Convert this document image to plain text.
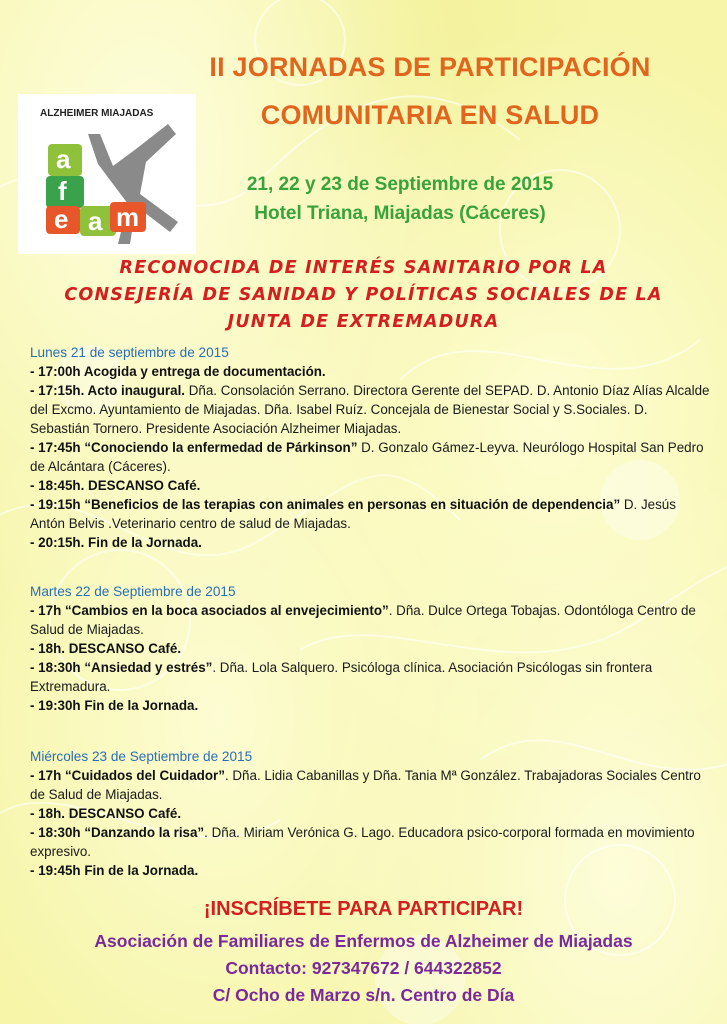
ALZHEIMER MIAJADAS
a
f
e a m
II JORNADAS DE PARTICIPACIÓN
COMUNITARIA EN SALUD
21, 22 y 23 de Septiembre de 2015
Hotel Triana, Miajadas (Cáceres)
RECONOCIDA DE INTERÉS SANITARIO POR LA
CONSEJERÍA DE SANIDAD Y POLÍTICAS SOCIALES DE LA
JUNTA DE EXTREMADURA
Lunes 21 de septiembre de 2015
- 17:00h Acogida y entrega de documentación.
- 17:15h. Acto inaugural. Dña. Consolación Serrano. Directora Gerente del SEPAD. D. Antonio Díaz Alías Alcalde del Excmo. Ayuntamiento de Miajadas. Dña. Isabel Ruíz. Concejala de Bienestar Social y S.Sociales. D. Sebastián Tornero. Presidente Asociación Alzheimer Miajadas.
- 17:45h “Conociendo la enfermedad de Párkinson” D. Gonzalo Gámez-Leyva. Neurólogo Hospital San Pedro de Alcántara (Cáceres).
- 18:45h. DESCANSO Café.
- 19:15h “Beneficios de las terapias con animales en personas en situación de dependencia” D. Jesús Antón Belvis .Veterinario centro de salud de Miajadas.
- 20:15h. Fin de la Jornada.
Martes 22 de Septiembre de 2015
- 17h “Cambios en la boca asociados al envejecimiento”. Dña. Dulce Ortega Tobajas. Odontóloga Centro de Salud de Miajadas.
- 18h. DESCANSO Café.
- 18:30h “Ansiedad y estrés”. Dña. Lola Salquero. Psicóloga clínica. Asociación Psicólogas sin frontera Extremadura.
- 19:30h Fin de la Jornada.
Miércoles 23 de Septiembre de 2015
- 17h “Cuidados del Cuidador”. Dña. Lidia Cabanillas y Dña. Tania Mª González. Trabajadoras Sociales Centro de Salud de Miajadas.
- 18h. DESCANSO Café.
- 18:30h “Danzando la risa”. Dña. Miriam Verónica G. Lago. Educadora psico-corporal formada en movimiento expresivo.
- 19:45h Fin de la Jornada.
¡INSCRÍBETE PARA PARTICIPAR!
Asociación de Familiares de Enfermos de Alzheimer de Miajadas
Contacto: 927347672 / 644322852
C/ Ocho de Marzo s/n. Centro de Día
